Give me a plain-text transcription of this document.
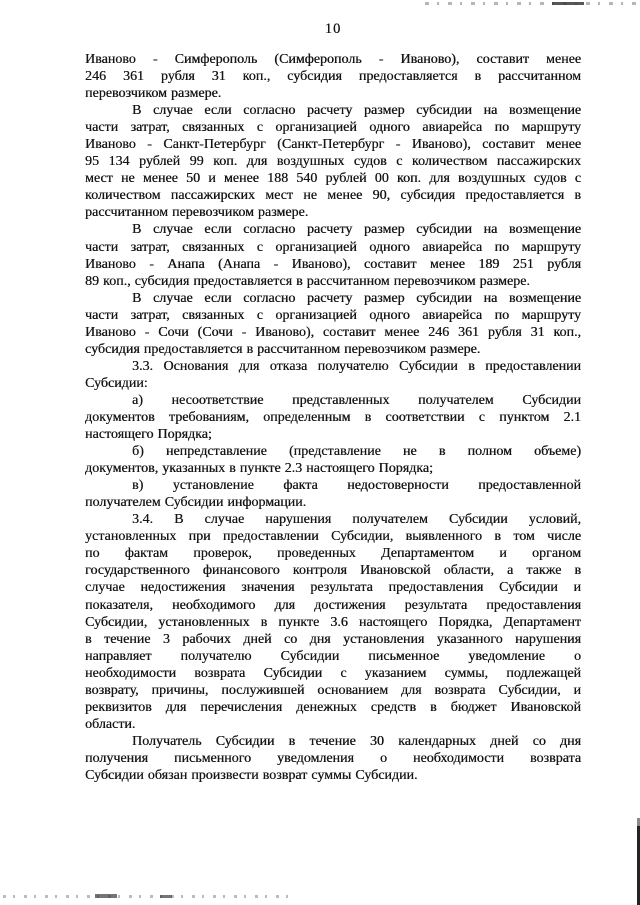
10
Иваново - Симферополь (Симферополь - Иваново), составит менее
246 361 рубля 31 коп., субсидия предоставляется в рассчитанном
перевозчиком размере.
В случае если согласно расчету размер субсидии на возмещение
части затрат, связанных с организацией одного авиарейса по маршруту
Иваново - Санкт-Петербург (Санкт-Петербург - Иваново), составит менее
95 134 рублей 99 коп. для воздушных судов с количеством пассажирских
мест не менее 50 и менее 188 540 рублей 00 коп. для воздушных судов с
количеством пассажирских мест не менее 90, субсидия предоставляется в
рассчитанном перевозчиком размере.
В случае если согласно расчету размер субсидии на возмещение
части затрат, связанных с организацией одного авиарейса по маршруту
Иваново - Анапа (Анапа - Иваново), составит менее 189 251 рубля
89 коп., субсидия предоставляется в рассчитанном перевозчиком размере.
В случае если согласно расчету размер субсидии на возмещение
части затрат, связанных с организацией одного авиарейса по маршруту
Иваново - Сочи (Сочи - Иваново), составит менее 246 361 рубля 31 коп.,
субсидия предоставляется в рассчитанном перевозчиком размере.
3.3. Основания для отказа получателю Субсидии в предоставлении
Субсидии:
а) несоответствие представленных получателем Субсидии
документов требованиям, определенным в соответствии с пунктом 2.1
настоящего Порядка;
б) непредставление (представление не в полном объеме)
документов, указанных в пункте 2.3 настоящего Порядка;
в) установление факта недостоверности предоставленной
получателем Субсидии информации.
3.4. В случае нарушения получателем Субсидии условий,
установленных при предоставлении Субсидии, выявленного в том числе
по фактам проверок, проведенных Департаментом и органом
государственного финансового контроля Ивановской области, а также в
случае недостижения значения результата предоставления Субсидии и
показателя, необходимого для достижения результата предоставления
Субсидии, установленных в пункте 3.6 настоящего Порядка, Департамент
в течение 3 рабочих дней со дня установления указанного нарушения
направляет получателю Субсидии письменное уведомление о
необходимости возврата Субсидии с указанием суммы, подлежащей
возврату, причины, послужившей основанием для возврата Субсидии, и
реквизитов для перечисления денежных средств в бюджет Ивановской
области.
Получатель Субсидии в течение 30 календарных дней со дня
получения письменного уведомления о необходимости возврата
Субсидии обязан произвести возврат суммы Субсидии.
